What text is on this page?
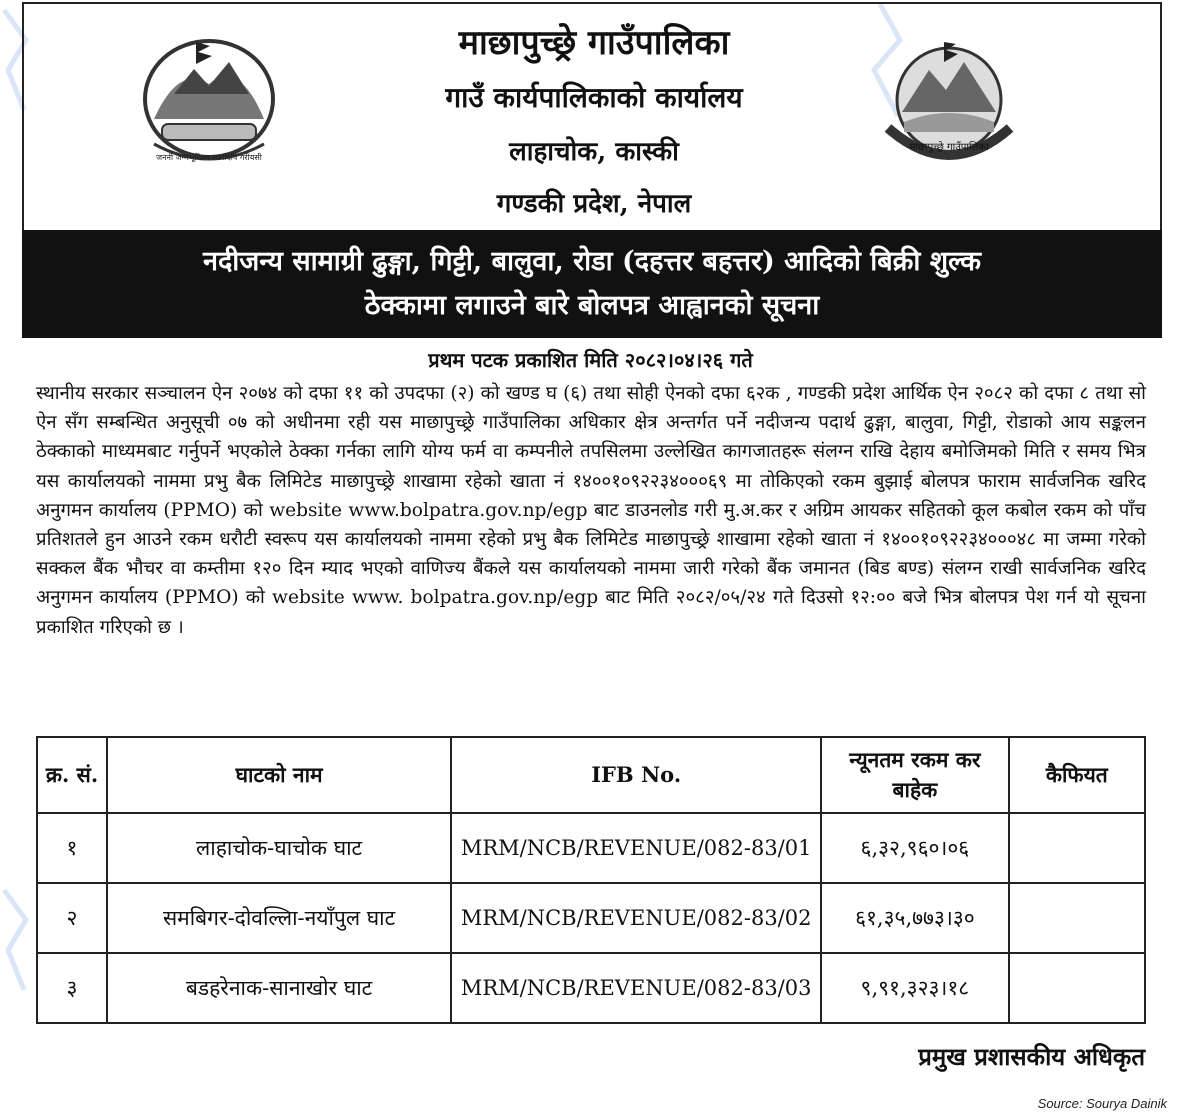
जननी जन्मभूमिश्च स्वर्गादपि गरीयसी
माछापुच्छ्रे गाउँपालिका
गाउँ कार्यपालिकाको कार्यालय
लाहाचोक, कास्की
गण्डकी प्रदेश, नेपाल
माछापुच्छ्रे गाउँपालिका
नदीजन्य सामाग्री ढुङ्गा, गिट्टी, बालुवा, रोडा (दहत्तर बहत्तर) आदिको बिक्री शुल्क
ठेक्कामा लगाउने बारे बोलपत्र आह्वानको सूचना
प्रथम पटक प्रकाशित मिति २०८२।०४।२६ गते
स्थानीय सरकार सञ्चालन ऐन २०७४ को दफा ११ को उपदफा (२) को खण्ड घ (६) तथा सोही ऐनको दफा ६२क , गण्डकी प्रदेश आर्थिक ऐन २०८२ को दफा ८ तथा सो ऐन सँग सम्बन्धित अनुसूची ०७ को अधीनमा रही यस माछापुच्छ्रे गाउँपालिका अधिकार क्षेत्र अन्तर्गत पर्ने नदीजन्य पदार्थ ढुङ्गा, बालुवा, गिट्टी, रोडाको आय सङ्कलन ठेक्काको माध्यमबाट गर्नुपर्ने भएकोले ठेक्का गर्नका लागि योग्य फर्म वा कम्पनीले तपसिलमा उल्लेखित कागजातहरू संलग्न राखि देहाय बमोजिमको मिति र समय भित्र यस कार्यालयको नाममा प्रभु बैक लिमिटेड माछापुच्छ्रे शाखामा रहेको खाता नं १४००१०९२२३४०००६९ मा तोकिएको रकम बुझाई बोलपत्र फाराम सार्वजनिक खरिद अनुगमन कार्यालय (PPMO) को website www.bolpatra.gov.np/egp बाट डाउनलोड गरी मु.अ.कर र अग्रिम आयकर सहितको कूल कबोल रकम को पाँच प्रतिशतले हुन आउने रकम धरौटी स्वरूप यस कार्यालयको नाममा रहेको प्रभु बैक लिमिटेड माछापुच्छ्रे शाखामा रहेको खाता नं १४००१०९२२३४०००४८ मा जम्मा गरेको सक्कल बैंक भौचर वा कम्तीमा १२० दिन म्याद भएको वाणिज्य बैंकले यस कार्यालयको नाममा जारी गरेको बैंक जमानत (बिड बण्ड) संलग्न राखी सार्वजनिक खरिद अनुगमन कार्यालय (PPMO) को website www. bolpatra.gov.np/egp बाट मिति २०८२/०५/२४ गते दिउसो १२:०० बजे भित्र बोलपत्र पेश गर्न यो सूचना प्रकाशित गरिएको छ ।
क्र. सं.	घाटको नाम	IFB No.	न्यूनतम रकम कर बाहेक	कैफियत
१	लाहाचोक-घाचोक घाट	MRM/NCB/REVENUE/082-83/01	६,३२,९६०।०६	
२	समबिगर-दोवल्लिा-नयाँपुल घाट	MRM/NCB/REVENUE/082-83/02	६१,३५,७७३।३०	
३	बडहरेनाक-सानाखोर घाट	MRM/NCB/REVENUE/082-83/03	९,९१,३२३।१८	
प्रमुख प्रशासकीय अधिकृत
Source: Sourya Dainik
